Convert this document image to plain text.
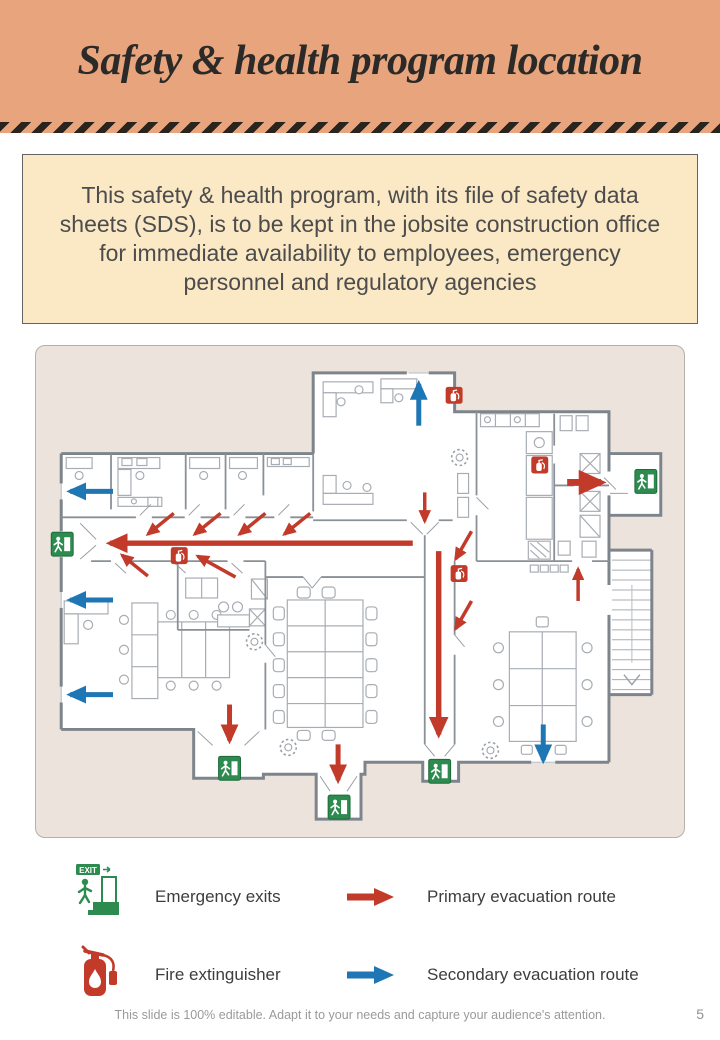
Safety & health program location
This safety & health program, with its file of safety data sheets (SDS), is to be kept in the jobsite construction office for immediate availability to employees, emergency personnel and regulatory agencies
EXIT
Emergency exits	Primary evacuation route
Fire extinguisher	Secondary evacuation route
This slide is 100% editable. Adapt it to your needs and capture your audience's attention.	5
